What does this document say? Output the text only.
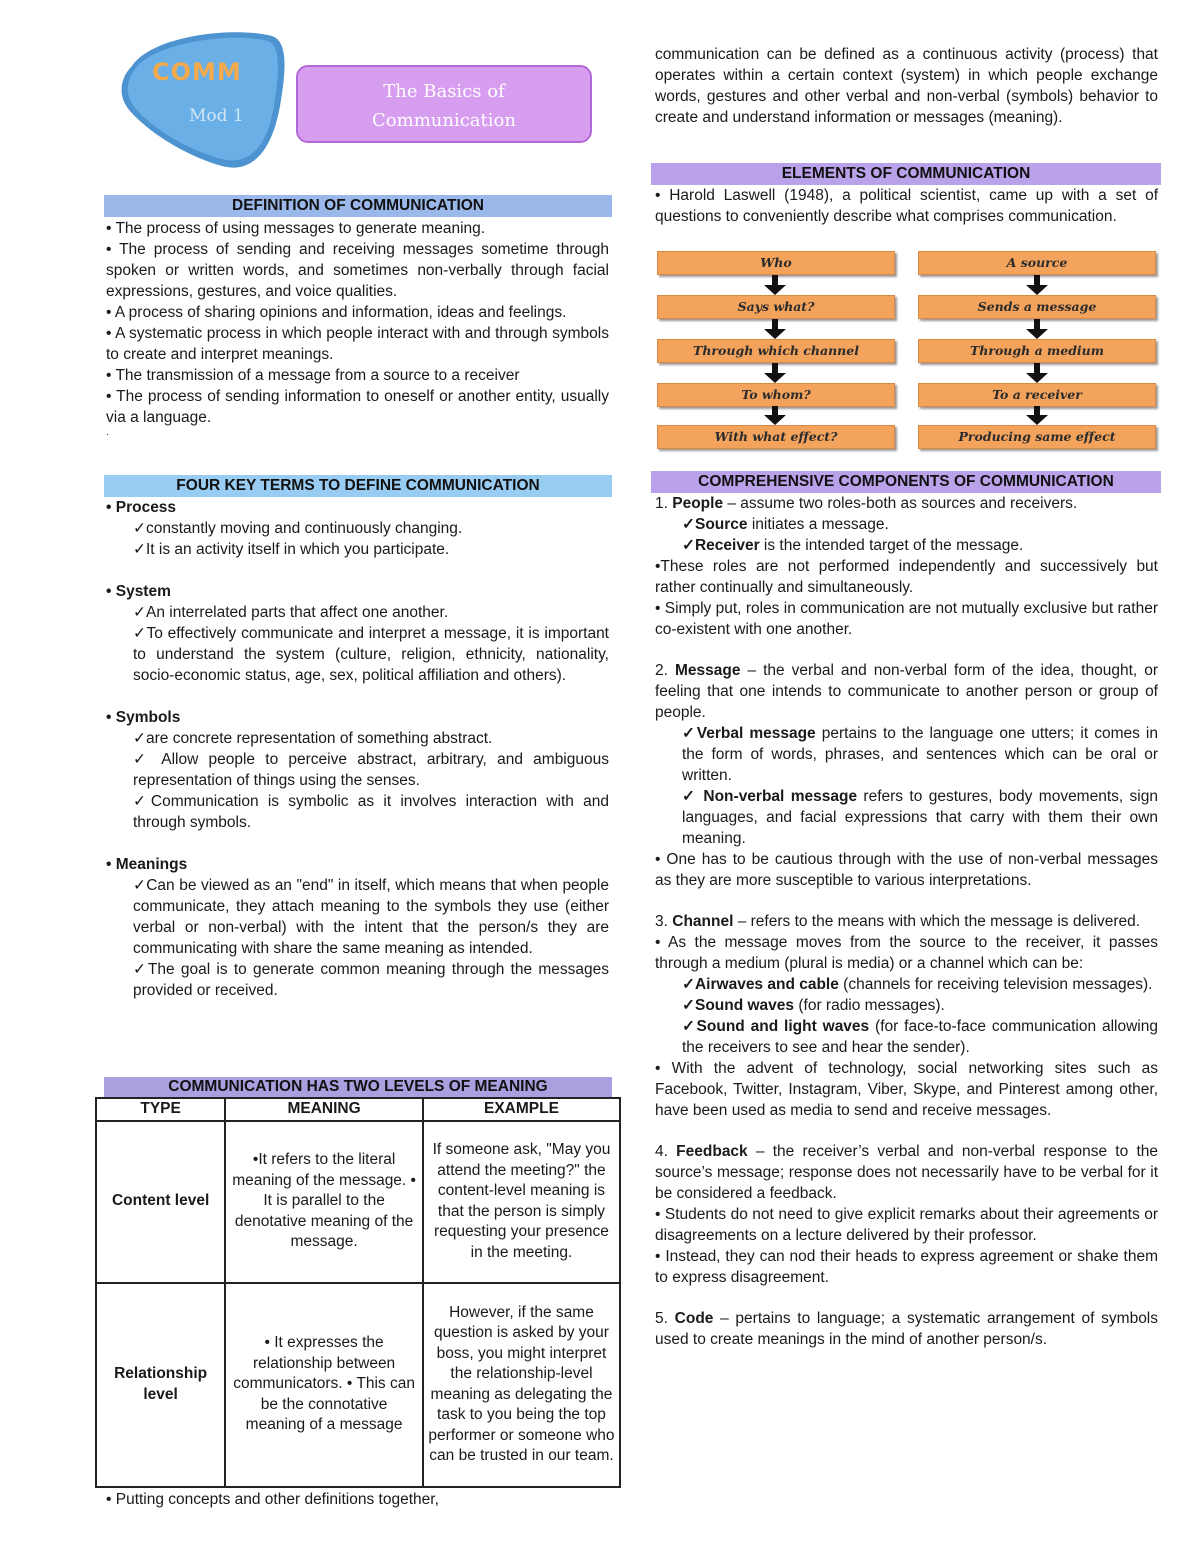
COMM
Mod 1
The Basics of
Communication
DEFINITION OF COMMUNICATION

• The process of using messages to generate meaning.

• The process of sending and receiving messages sometime through spoken or written words, and sometimes non-verbally through facial expressions, gestures, and voice qualities.

• A process of sharing opinions and information, ideas and feelings.

• A systematic process in which people interact with and through symbols to create and interpret meanings.

• The transmission of a message from a source to a receiver

• The process of sending information to oneself or another entity, usually via a language.

.

FOUR KEY TERMS TO DEFINE COMMUNICATION

• Process

✓constantly moving and continuously changing.

✓It is an activity itself in which you participate.

• System

✓An interrelated parts that affect one another.

✓To effectively communicate and interpret a message, it is important to understand the system (culture, religion, ethnicity, nationality, socio-economic status, age, sex, political affiliation and others).

• Symbols

✓are concrete representation of something abstract.

✓ Allow people to perceive abstract, arbitrary, and ambiguous representation of things using the senses.

✓Communication is symbolic as it involves interaction with and through symbols.

• Meanings

✓Can be viewed as an "end" in itself, which means that when people communicate, they attach meaning to the symbols they use (either verbal or non-verbal) with the intent that the person/s they are communicating with share the same meaning as intended.

✓The goal is to generate common meaning through the messages provided or received.

COMMUNICATION HAS TWO LEVELS OF MEANING
TYPE	MEANING	EXAMPLE
Content level	•It refers to the literal meaning of the message. • It is parallel to the denotative meaning of the message.	If someone ask, "May you attend the meeting?" the content-level meaning is that the person is simply requesting your presence in the meeting.
Relationship level	• It expresses the relationship between communicators. • This can be the connotative meaning of a message	However, if the same question is asked by your boss, you might interpret the relationship-level meaning as delegating the task to you being the top performer or someone who can be trusted in our team.
• Putting concepts and other definitions together,
communication can be defined as a continuous activity (process) that operates within a certain context (system) in which people exchange words, gestures and other verbal and non-verbal (symbols) behavior to create and understand information or messages (meaning).
ELEMENTS OF COMMUNICATION
• Harold Laswell (1948), a political scientist, came up with a set of questions to conveniently describe what comprises communication.
Who
Says what?
Through which channel
To whom?
With what effect?
A source
Sends a message
Through a medium
To a receiver
Producing same effect
COMPREHENSIVE COMPONENTS OF COMMUNICATION

1. People – assume two roles-both as sources and receivers.

✓Source initiates a message.

✓Receiver is the intended target of the message.

•These roles are not performed independently and successively but rather continually and simultaneously.

• Simply put, roles in communication are not mutually exclusive but rather co-existent with one another.

2. Message – the verbal and non-verbal form of the idea, thought, or feeling that one intends to communicate to another person or group of people.

✓Verbal message pertains to the language one utters; it comes in the form of words, phrases, and sentences which can be oral or written.

✓ Non-verbal message refers to gestures, body movements, sign languages, and facial expressions that carry with them their own meaning.

• One has to be cautious through with the use of non-verbal messages as they are more susceptible to various interpretations.

3. Channel – refers to the means with which the message is delivered.

• As the message moves from the source to the receiver, it passes through a medium (plural is media) or a channel which can be:

✓Airwaves and cable (channels for receiving television messages).

✓Sound waves (for radio messages).

✓Sound and light waves (for face-to-face communication allowing the receivers to see and hear the sender).

• With the advent of technology, social networking sites such as Facebook, Twitter, Instagram, Viber, Skype, and Pinterest among other, have been used as media to send and receive messages.

4. Feedback – the receiver’s verbal and non-verbal response to the source’s message; response does not necessarily have to be verbal for it be considered a feedback.

• Students do not need to give explicit remarks about their agreements or disagreements on a lecture delivered by their professor.

• Instead, they can nod their heads to express agreement or shake them to express disagreement.

5. Code – pertains to language; a systematic arrangement of symbols used to create meanings in the mind of another person/s.
